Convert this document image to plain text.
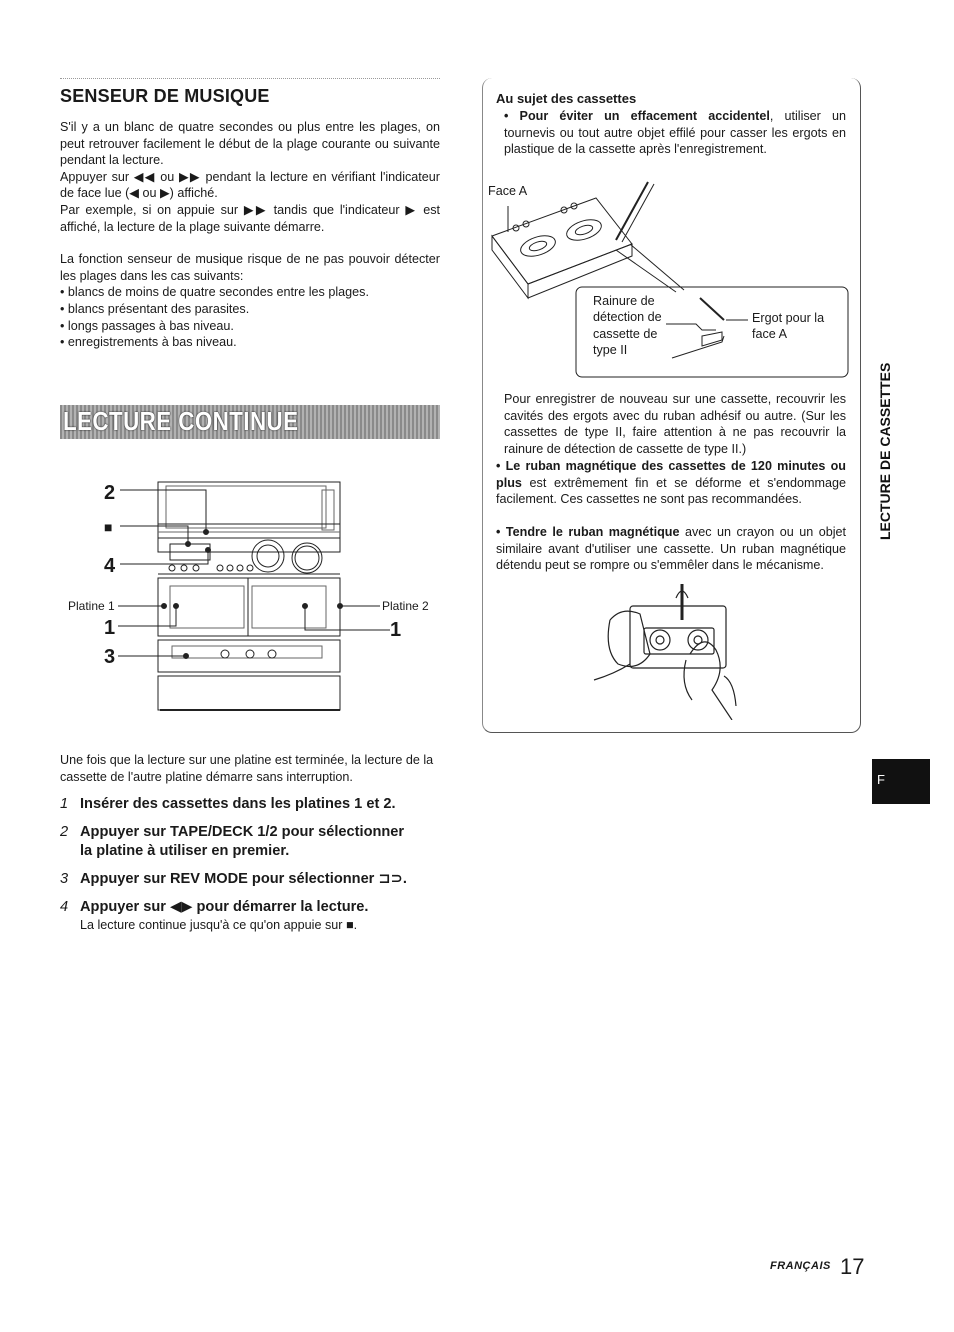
SENSEUR DE MUSIQUE

S'il y a un blanc de quatre secondes ou plus entre les plages, on peut retrouver facilement le début de la plage courante ou suivante pendant la lecture.

Appuyer sur ◀◀ ou ▶▶ pendant la lecture en vérifiant l'indicateur de face lue (◀ ou ▶) affiché.

Par exemple, si on appuie sur ▶▶ tandis que l'indicateur ▶ est affiché, la lecture de la plage suivante démarre.

La fonction senseur de musique risque de ne pas pouvoir détecter les plages dans les cas suivants:

• blancs de moins de quatre secondes entre les plages.

• blancs présentant des parasites.

• longs passages à bas niveau.

• enregistrements à bas niveau.

LECTURE CONTINUE
2
■
4
Platine 1	Platine 2
1	1
3
Une fois que la lecture sur une platine est terminée, la lecture de la cassette de l'autre platine démarre sans interruption.
1 Insérer des cassettes dans les platines 1 et 2.
2 Appuyer sur TAPE/DECK 1/2 pour sélectionner
la platine à utiliser en premier.
3 Appuyer sur REV MODE pour sélectionner ⊐⊃.
4 Appuyer sur ◀▶ pour démarrer la lecture.
La lecture continue jusqu'à ce qu'on appuie sur ■.
Au sujet des cassettes
• Pour éviter un effacement accidentel, utiliser un tournevis ou tout autre objet effilé pour casser les ergots en plastique de la cassette après l'enregistrement.
Face A
Rainure de
détection de
cassette de
type II
Ergot pour la
face A
Pour enregistrer de nouveau sur une cassette, recouvrir les cavités des ergots avec du ruban adhésif ou autre. (Sur les cassettes de type II, faire attention à ne pas recouvrir la rainure de détection de cassette de type II.)
• Le ruban magnétique des cassettes de 120 minutes ou plus est extrêmement fin et se déforme et s'endommage facilement. Ces cassettes ne sont pas recommandées.
• Tendre le ruban magnétique avec un crayon ou un objet similaire avant d'utiliser une cassette. Un ruban magnétique détendu peut se rompre ou s'emmêler dans le mécanisme.
LECTURE DE CASSETTES
F
FRANÇAIS 17
